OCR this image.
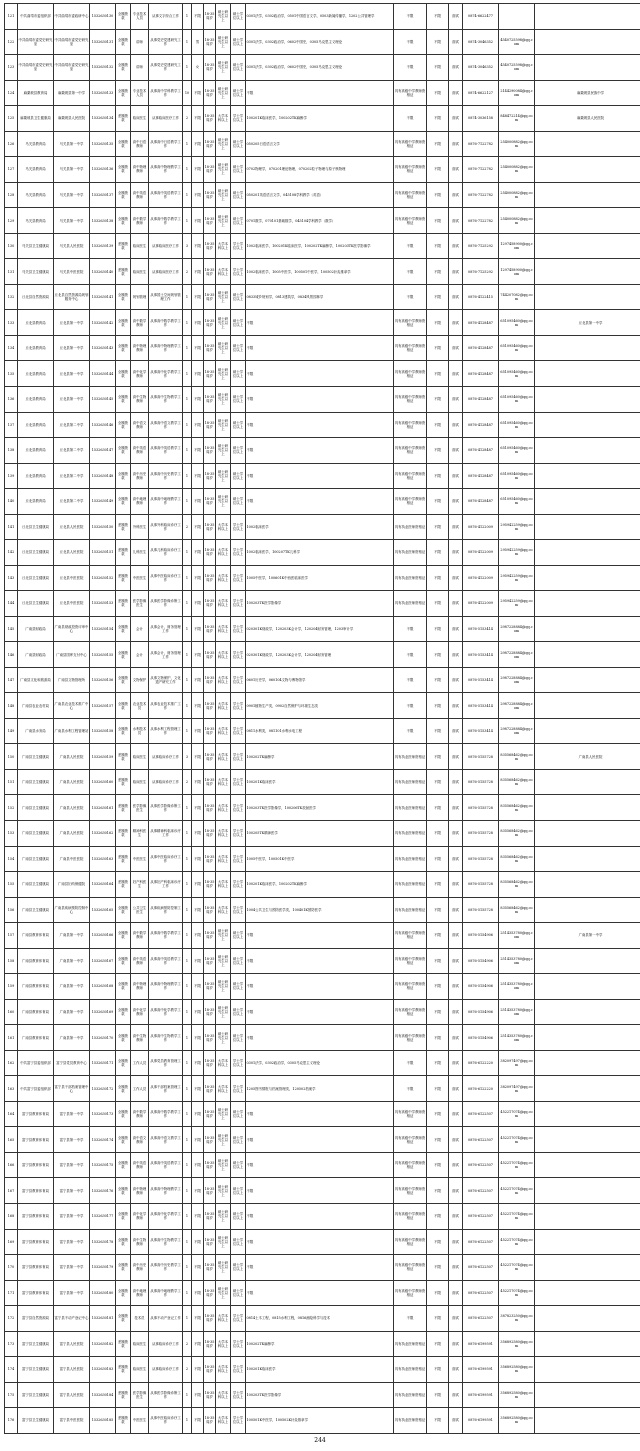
121	中共曲靖市委组织部	中共曲靖市委政研中心	1532630130	全额拨款	专业技术人员	从事文字综合工作	1	不限	18-35周岁	硕士研究生以上	硕士学位以上	0301法学，0302政治学，0501中国语言文学，0503新闻传播学，1202公共管理学	不限	不限	面试	0874-6622477		
122	中共曲靖市委党史研究室	中共曲靖市委党史研究室	1532630131	全额拨款	讲师	从事党史党建研究工作	1	男	18-35周岁	硕士研究生以上	硕士学位以上	0301法学，0302政治学，0602中国史，0305马克思主义理论	不限	不限	面试	0874-3046352	4540725598@qq.com	
123	中共曲靖市委党史研究室	中共曲靖市委党史研究室	1532630132	全额拨款	讲师	从事党史党建研究工作	1	女	18-35周岁	硕士研究生以上	硕士学位以上	0301法学，0302政治学，0602中国史，0305马克思主义理论	不限	不限	面试	0874-3046352	4540725598@qq.com	
124	麻栗坡县教育局	麻栗坡县第一中学	1532630133	全额拨款	专业技术人员	从事高中学科教学工作	10	不限	18-35周岁	硕士研究生以上	硕士学位以上	不限	具有高级中学教师资格证	不限	面试	0874-6622127	2144290084@qq.com	麻栗坡县民族中学
125	麻栗坡县卫生健康局	麻栗坡县人民医院	1532630134	差额拨款	临床医生	从事临床医疗工作	2	不限	18-35周岁	大学本科以上	学士学位以上	100201K临床医学，100202TK麻醉学	不限	不限	面试	0874-3036158	848472214@qq.com	麻栗坡县人民医院
126	马关县教育局	马关县第一中学	1532630135	全额拨款	高中日语教师	从事高中日语教学工作	1	不限	18-35周岁	硕士研究生以上	硕士学位以上	050205日语语言文学	具有高级中学教师资格证	不限	面试	0876-7122782	254000882@qq.com	
127	马关县教育局	马关县第一中学	1532630136	全额拨款	高中物理教师	从事高中物理教学工作	1	不限	18-35周岁	硕士研究生以上	硕士学位以上	0702物理学，070201理论物理，070202粒子物理与原子核物理	具有高级中学教师资格证	不限	面试	0876-7122782	254000882@qq.com	
128	马关县教育局	马关县第一中学	1532630137	全额拨款	高中英语教师	从事高中英语教学工作	1	不限	18-35周岁	硕士研究生以上	硕士学位以上	050201英语语言文学，045108学科教学（英语）	具有高级中学教师资格证	不限	面试	0876-7122782	254000882@qq.com	
129	马关县教育局	马关县第一中学	1532630138	全额拨款	高中数学教师	从事高中数学教学工作	1	不限	18-35周岁	硕士研究生以上	硕士学位以上	0701数学，070101基础数学，045104学科教学（数学）	具有高级中学教师资格证	不限	面试	0876-7122782	254000882@qq.com	
130	马关县卫生健康局	马关县人民医院	1532630139	差额拨款	临床医生	从事临床医疗工作	3	不限	18-35周岁	大学本科以上	学士学位以上	1002临床医学，100201K临床医学，100202TK麻醉学，100203TK医学影像学	不限	不限	面试	0876-7125292	1297458900@qq.com	
131	马关县卫生健康局	马关县中医医院	1532630140	差额拨款	临床医生	从事临床医疗工作	2	不限	18-35周岁	大学本科以上	学士学位以上	1002临床医学，1005中医学，100501中医学，100502针灸推拿学	不限	不限	面试	0876-7125292	1297458900@qq.com	
132	丘北县自然资源局	丘北县自然资源局规划服务中心	1532630141	全额拨款	规划管理	从事国土空间规划管理工作	1	不限	18-35周岁	硕士研究生以上	硕士学位以上	0833城乡规划学，0813建筑学，0834风景园林学	不限	不限	面试	0876-4122415	744207082@qq.com	
133	丘北县教育局	丘北县第一中学	1532630142	全额拨款	高中数学教师	从事高中数学教学工作	1	不限	18-35周岁	硕士研究生以上	硕士学位以上	不限	具有高级中学教师资格证	不限	面试	0876-4128487	651095460@qq.com	丘北县第一中学
134	丘北县教育局	丘北县第一中学	1532630143	全额拨款	高中物理教师	从事高中物理教学工作	1	不限	18-35周岁	硕士研究生以上	硕士学位以上	不限	具有高级中学教师资格证	不限	面试	0876-4128487	651095460@qq.com	
135	丘北县教育局	丘北县第一中学	1532630144	全额拨款	高中化学教师	从事高中化学教学工作	1	不限	18-35周岁	硕士研究生以上	硕士学位以上	不限	具有高级中学教师资格证	不限	面试	0876-4128487	651095460@qq.com	
136	丘北县教育局	丘北县第一中学	1532630145	全额拨款	高中生物教师	从事高中生物教学工作	1	不限	18-35周岁	硕士研究生以上	硕士学位以上	不限	具有高级中学教师资格证	不限	面试	0876-4128487	651095460@qq.com	
137	丘北县教育局	丘北县第二中学	1532630146	全额拨款	高中语文教师	从事高中语文教学工作	1	不限	18-35周岁	硕士研究生以上	硕士学位以上	不限	具有高级中学教师资格证	不限	面试	0876-4128487	651095460@qq.com	
138	丘北县教育局	丘北县第二中学	1532630147	全额拨款	高中英语教师	从事高中英语教学工作	1	不限	18-35周岁	硕士研究生以上	硕士学位以上	不限	具有高级中学教师资格证	不限	面试	0876-4128487	651095460@qq.com	
139	丘北县教育局	丘北县第二中学	1532630148	全额拨款	高中历史教师	从事高中历史教学工作	1	不限	18-35周岁	硕士研究生以上	硕士学位以上	不限	具有高级中学教师资格证	不限	面试	0876-4128487	651095460@qq.com	
140	丘北县教育局	丘北县第二中学	1532630149	全额拨款	高中地理教师	从事高中地理教学工作	1	不限	18-35周岁	硕士研究生以上	硕士学位以上	不限	具有高级中学教师资格证	不限	面试	0876-4128487	651095460@qq.com	
141	丘北县卫生健康局	丘北县人民医院	1532630150	差额拨款	外科医生	从事外科临床诊疗工作	2	不限	18-35周岁	大学本科以上	学士学位以上	1002临床医学	具有执业医师资格证	不限	面试	0876-4122009	295942259@qq.com	
142	丘北县卫生健康局	丘北县人民医院	1532630151	差额拨款	儿科医生	从事儿科临床诊疗工作	1	不限	18-35周岁	大学本科以上	学士学位以上	1002临床医学，100207TK儿科学	具有执业医师资格证	不限	面试	0876-4122009	295942259@qq.com	
143	丘北县卫生健康局	丘北县中医医院	1532630152	差额拨款	中医医生	从事中医临床诊疗工作	1	不限	18-35周岁	大学本科以上	学士学位以上	1005中医学，100601K中西医临床医学	具有执业医师资格证	不限	面试	0876-4122009	295942259@qq.com	
144	丘北县卫生健康局	丘北县中医医院	1532630153	差额拨款	医学影像医生	从事医学影像诊断工作	1	不限	18-35周岁	大学本科以上	学士学位以上	100203TK医学影像学	具有执业医师资格证	不限	面试	0876-4122009	295942259@qq.com	
145	广南县财政局	广南县财政投资评审中心	1532630154	全额拨款	会计	从事会计、财务管理工作	1	不限	18-35周岁	大学本科以上	学士学位以上	020301K财政学，120203K会计学，120204财务管理，1203审计学	不限	不限	面试	0876-5153414	2987228884@qq.com	
146	广南县财政局	广南县国库支付中心	1532630155	全额拨款	会计	从事会计、财务管理工作	1	不限	18-35周岁	大学本科以上	学士学位以上	020301K财政学，120203K会计学，120204财务管理	不限	不限	面试	0876-5153414	2987228884@qq.com	
147	广南县文化和旅游局	广南县文物管理所	1532630156	全额拨款	文物保护	从事文物保护、文化遗产研究工作	1	不限	18-35周岁	大学本科以上	学士学位以上	0601历史学，060104文物与博物馆学	不限	不限	面试	0876-5153414	2987228884@qq.com	
148	广南县农业农村局	广南县农业技术推广中心	1532630157	全额拨款	农业技术员	从事农业技术推广工作	1	不限	18-35周岁	大学本科以上	学士学位以上	0901植物生产类，0902自然保护与环境生态类	不限	不限	面试	0876-5153414	2987228884@qq.com	
149	广南县水务局	广南县水利工程管理站	1532630158	全额拨款	水利技术员	从事水利工程管理工作	1	不限	18-35周岁	大学本科以上	学士学位以上	0811水利类，081101水利水电工程	不限	不限	面试	0876-5153414	2987228884@qq.com	
150	广南县卫生健康局	广南县人民医院	1532630159	差额拨款	临床医生	从事临床诊疗工作	3	不限	18-35周岁	大学本科以上	学士学位以上	100202TK麻醉学	具有执业医师资格证	不限	面试	0876-5155728	835568462@qq.com	广南县人民医院
151	广南县卫生健康局	广南县人民医院	1532630160	差额拨款	临床医生	从事临床诊疗工作	2	不限	18-35周岁	大学本科以上	学士学位以上	100201K临床医学	具有执业医师资格证	不限	面试	0876-5155728	835568462@qq.com	
152	广南县卫生健康局	广南县人民医院	1532630161	差额拨款	医学影像医生	从事医学影像诊断工作	1	不限	18-35周岁	大学本科以上	学士学位以上	100203TK医学影像学，100206TK放射医学	具有执业医师资格证	不限	面试	0876-5155728	835568462@qq.com	
153	广南县卫生健康局	广南县人民医院	1532630162	差额拨款	精神科医生	从事精神科临床诊疗工作	1	不限	18-35周岁	大学本科以上	学士学位以上	100205TK精神医学	具有执业医师资格证	不限	面试	0876-5155728	835568462@qq.com	
154	广南县卫生健康局	广南县中医医院	1532630163	差额拨款	中医医生	从事中医临床诊疗工作	1	不限	18-35周岁	大学本科以上	学士学位以上	1005中医学，100501K中医学	具有执业医师资格证	不限	面试	0876-5155728	835568462@qq.com	
155	广南县卫生健康局	广南县妇幼保健院	1532630164	差额拨款	妇产科医生	从事妇产科临床诊疗工作	1	不限	18-35周岁	大学本科以上	学士学位以上	100201K临床医学，100202TK麻醉学	具有执业医师资格证	不限	面试	0876-5155728	835568462@qq.com	
156	广南县卫生健康局	广南县疾病预防控制中心	1532630165	全额拨款	公共卫生医生	从事疾病预防控制工作	1	不限	18-35周岁	大学本科以上	学士学位以上	1004公共卫生与预防医学类，100401K预防医学	具有执业医师资格证	不限	面试	0876-5155728	835568462@qq.com	
157	广南县教育体育局	广南县第一中学	1532630166	全额拨款	高中数学教师	从事高中数学教学工作	1	不限	18-35周岁	硕士研究生以上	硕士学位以上	不限	具有高级中学教师资格证	不限	面试	0876-5154906	2514353780@qq.com	广南县第一中学
158	广南县教育体育局	广南县第一中学	1532630167	全额拨款	高中英语教师	从事高中英语教学工作	1	不限	18-35周岁	硕士研究生以上	硕士学位以上	不限	具有高级中学教师资格证	不限	面试	0876-5154906	2514353780@qq.com	
159	广南县教育体育局	广南县第一中学	1532630168	全额拨款	高中物理教师	从事高中物理教学工作	1	不限	18-35周岁	硕士研究生以上	硕士学位以上	不限	具有高级中学教师资格证	不限	面试	0876-5154906	2514353780@qq.com	
160	广南县教育体育局	广南县第一中学	1532630169	全额拨款	高中化学教师	从事高中化学教学工作	1	不限	18-35周岁	硕士研究生以上	硕士学位以上	不限	具有高级中学教师资格证	不限	面试	0876-5154906	2514353780@qq.com	
161	广南县教育体育局	广南县第一中学	1532630170	全额拨款	高中生物教师	从事高中生物教学工作	1	不限	18-35周岁	硕士研究生以上	硕士学位以上	不限	具有高级中学教师资格证	不限	面试	0876-5154906	2514353780@qq.com	
162	中共富宁县委组织部	富宁县党员教育中心	1532630171	全额拨款	工作人员	从事党员教育管理工作	1	不限	18-35周岁	大学本科以上	学士学位以上	0301法学，0302政治学，0305马克思主义理论	不限	不限	面试	0876-6122220	382097497@qq.com	
163	中共富宁县委组织部	富宁县干部档案管理中心	1532630172	全额拨款	工作人员	从事干部档案管理工作	1	不限	18-35周岁	大学本科以上	学士学位以上	1205图书情报与档案管理类，120502档案学	不限	不限	面试	0876-6122220	382097497@qq.com	
164	富宁县教育体育局	富宁县第一中学	1532630173	全额拨款	高中数学教师	从事高中数学教学工作	1	不限	18-35周岁	硕士研究生以上	硕士学位以上	不限	具有高级中学教师资格证	不限	面试	0876-6122507	452217074@qq.com	
165	富宁县教育体育局	富宁县第一中学	1532630174	全额拨款	高中语文教师	从事高中语文教学工作	1	不限	18-35周岁	硕士研究生以上	硕士学位以上	不限	具有高级中学教师资格证	不限	面试	0876-6122507	452217074@qq.com	
166	富宁县教育体育局	富宁县第一中学	1532630175	全额拨款	高中英语教师	从事高中英语教学工作	1	不限	18-35周岁	硕士研究生以上	硕士学位以上	不限	具有高级中学教师资格证	不限	面试	0876-6122507	452217074@qq.com	
167	富宁县教育体育局	富宁县第一中学	1532630176	全额拨款	高中物理教师	从事高中物理教学工作	1	不限	18-35周岁	硕士研究生以上	硕士学位以上	不限	具有高级中学教师资格证	不限	面试	0876-6122507	452217074@qq.com	
168	富宁县教育体育局	富宁县第一中学	1532630177	全额拨款	高中化学教师	从事高中化学教学工作	1	不限	18-35周岁	硕士研究生以上	硕士学位以上	不限	具有高级中学教师资格证	不限	面试	0876-6122507	452217074@qq.com	
169	富宁县教育体育局	富宁县第一中学	1532630178	全额拨款	高中生物教师	从事高中生物教学工作	1	不限	18-35周岁	硕士研究生以上	硕士学位以上	不限	具有高级中学教师资格证	不限	面试	0876-6122507	452217074@qq.com	
170	富宁县教育体育局	富宁县第一中学	1532630179	全额拨款	高中历史教师	从事高中历史教学工作	1	不限	18-35周岁	硕士研究生以上	硕士学位以上	不限	具有高级中学教师资格证	不限	面试	0876-6122507	452217074@qq.com	
171	富宁县教育体育局	富宁县第一中学	1532630180	全额拨款	高中地理教师	从事高中地理教学工作	1	不限	18-35周岁	硕士研究生以上	硕士学位以上	不限	具有高级中学教师资格证	不限	面试	0876-6122507	452217074@qq.com	
172	富宁县自然资源局	富宁县不动产登记中心	1532630181	全额拨款	技术员	从事不动产登记工作	1	不限	18-35周岁	大学本科以上	学士学位以上	0814土木工程，0815水利工程，0816测绘科学与技术	不限	不限	面试	0876-6122507	387823250@qq.com	
173	富宁县卫生健康局	富宁县人民医院	1532630182	差额拨款	临床医生	从事临床诊疗工作	2	不限	18-35周岁	大学本科以上	学士学位以上	100202TK麻醉学	具有执业医师资格证	不限	面试	0876-6199591	356892580@qq.com	
174	富宁县卫生健康局	富宁县人民医院	1532630183	差额拨款	临床医生	从事临床诊疗工作	2	不限	18-35周岁	大学本科以上	学士学位以上	100201K临床医学	具有执业医师资格证	不限	面试	0876-6199591	356892580@qq.com	
175	富宁县卫生健康局	富宁县人民医院	1532630184	差额拨款	医学影像医生	从事医学影像诊断工作	1	不限	18-35周岁	大学本科以上	学士学位以上	100203TK医学影像学	具有执业医师资格证	不限	面试	0876-6199591	356892580@qq.com	
176	富宁县卫生健康局	富宁县中医医院	1532630185	差额拨款	中医医生	从事中医临床诊疗工作	1	不限	18-35周岁	大学本科以上	学士学位以上	100501K中医学，100502K针灸推拿学	具有执业医师资格证	不限	面试	0876-6199591	356892580@qq.com	
244
